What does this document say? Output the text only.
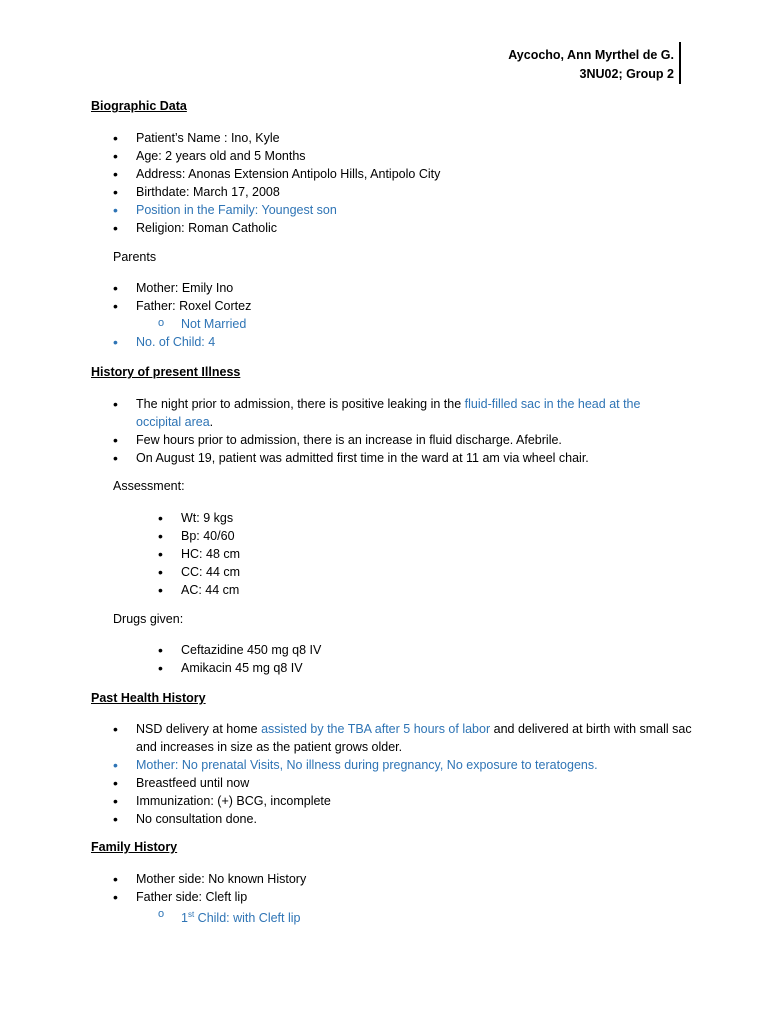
Aycocho, Ann Myrthel de G.
3NU02; Group 2
Biographic Data
• Patient’s Name : Ino, Kyle
• Age: 2 years old and 5 Months
• Address: Anonas Extension Antipolo Hills, Antipolo City
• Birthdate: March 17, 2008
• Position in the Family: Youngest son
• Religion: Roman Catholic
Parents
• Mother: Emily Ino
• Father: Roxel Cortez
o Not Married
• No. of Child: 4
History of present Illness
• The night prior to admission, there is positive leaking in the fluid-filled sac in the head at the occipital area.
• Few hours prior to admission, there is an increase in fluid discharge. Afebrile.
• On August 19, patient was admitted first time in the ward at 11 am via wheel chair.
Assessment:
• Wt: 9 kgs
• Bp: 40/60
• HC: 48 cm
• CC: 44 cm
• AC: 44 cm
Drugs given:
• Ceftazidine 450 mg q8 IV
• Amikacin 45 mg q8 IV
Past Health History
• NSD delivery at home assisted by the TBA after 5 hours of labor and delivered at birth with small sac and increases in size as the patient grows older.
• Mother: No prenatal Visits, No illness during pregnancy, No exposure to teratogens.
• Breastfeed until now
• Immunization: (+) BCG, incomplete
• No consultation done.
Family History
• Mother side: No known History
• Father side: Cleft lip
o 1st Child: with Cleft lip
